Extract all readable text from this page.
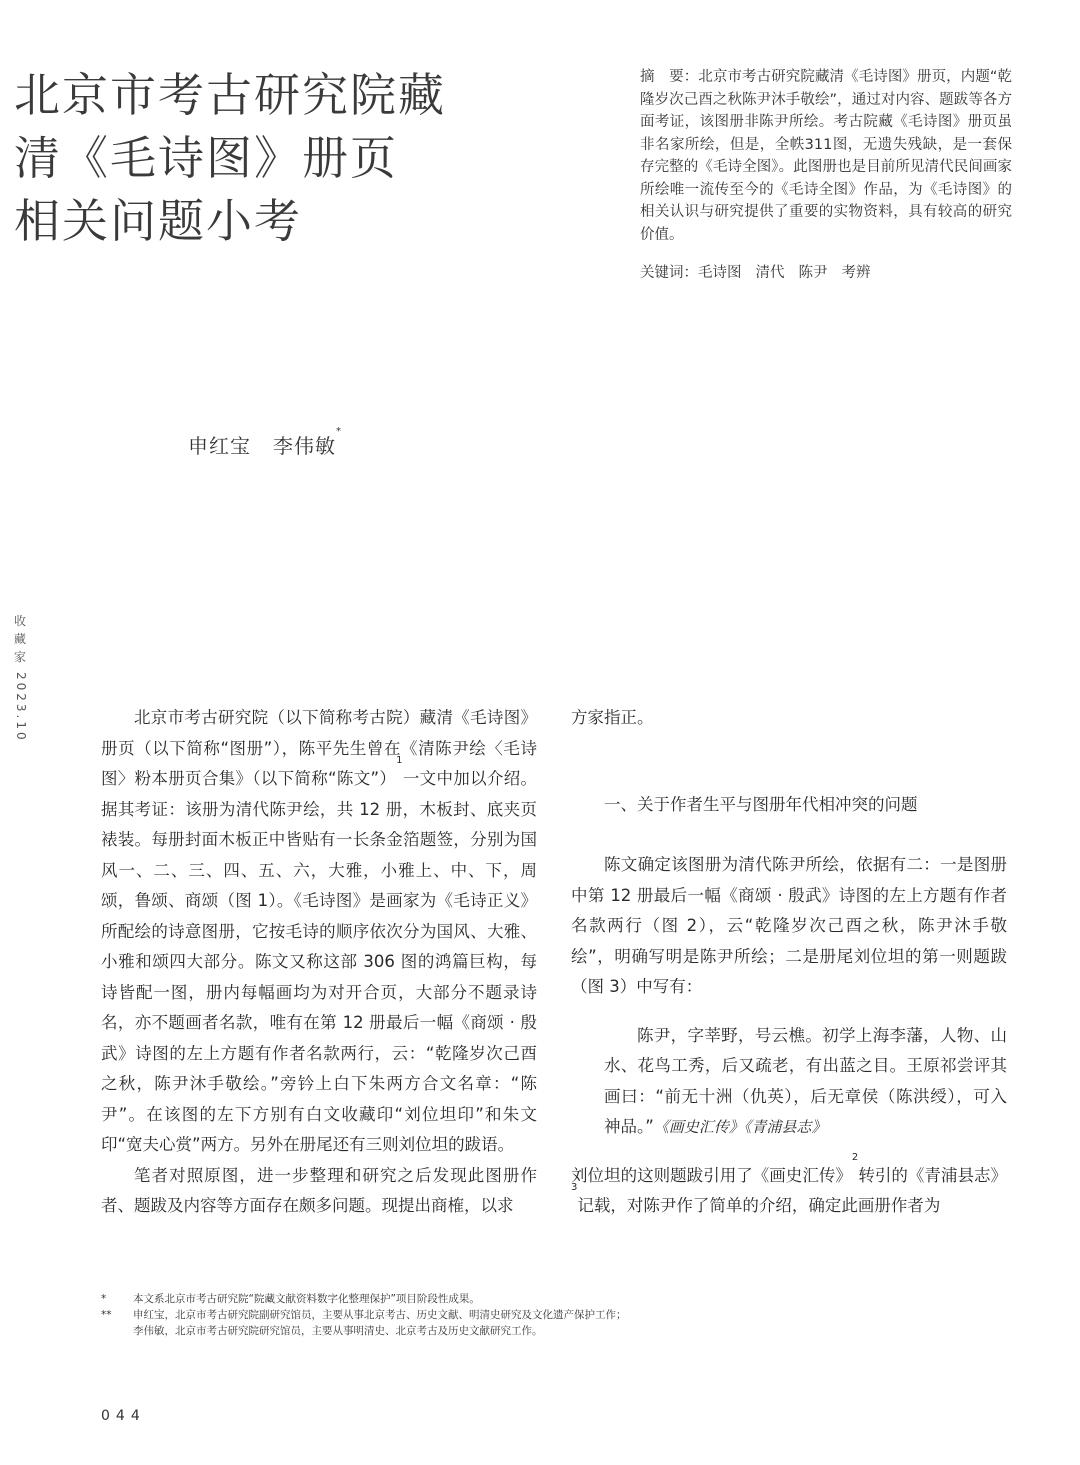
北京市考古研究院藏
清《毛诗图》册页
相关问题小考
摘　要：北京市考古研究院藏清《毛诗图》册页，内题“乾隆岁次己酉之秋陈尹沐手敬绘”，通过对内容、题跋等各方面考证，该图册非陈尹所绘。考古院藏《毛诗图》册页虽非名家所绘，但是，全帙311图，无遗失残缺，是一套保存完整的《毛诗全图》。此图册也是目前所见清代民间画家所绘唯一流传至今的《毛诗全图》作品，为《毛诗图》的相关认识与研究提供了重要的实物资料，具有较高的研究价值。
关键词：毛诗图 清代 陈尹 考辨
申红宝 李伟敏*
收
藏
家
2023.10	北京市考古研究院（以下简称考古院）藏清《毛诗图》册页（以下简称“图册”），陈平先生曾在《清陈尹绘〈毛诗图〉粉本册页合集》（以下简称“陈文”）$^1$一文中加以介绍。据其考证：该册为清代陈尹绘，共 12 册，木板封、底夹页裱装。每册封面木板正中皆贴有一长条金箔题签，分别为国风一、二、三、四、五、六，大雅，小雅上、中、下，周颂，鲁颂、商颂（图 1）。《毛诗图》是画家为《毛诗正义》所配绘的诗意图册，它按毛诗的顺序依次分为国风、大雅、小雅和颂四大部分。陈文又称这部 306 图的鸿篇巨构，每诗皆配一图，册内每幅画均为对开合页，大部分不题录诗名，亦不题画者名款，唯有在第 12 册最后一幅《商颂 · 殷武》诗图的左上方题有作者名款两行，云：“乾隆岁次己酉之秋，陈尹沐手敬绘。”旁钤上白下朱两方合文名章：“陈尹”。在该图的左下方别有白文收藏印“刘位坦印”和朱文印“宽夫心赏”两方。另外在册尾还有三则刘位坦的跋语。

笔者对照原图，进一步整理和研究之后发现此图册作者、题跋及内容等方面存在颇多问题。现提出商榷，以求

方家指正。

一、关于作者生平与图册年代相冲突的问题

陈文确定该图册为清代陈尹所绘，依据有二：一是图册中第 12 册最后一幅《商颂 · 殷武》诗图的左上方题有作者名款两行（图 2），云“乾隆岁次己酉之秋，陈尹沐手敬绘”，明确写明是陈尹所绘；二是册尾刘位坦的第一则题跋（图 3）中写有：

陈尹，字莘野，号云樵。初学上海李藩，人物、山水、花鸟工秀，后又疏老，有出蓝之目。王原祁尝评其画曰：“前无十洲（仇英），后无章侯（陈洪绶），可入神品。”《画史汇传》《青浦县志》

刘位坦的这则题跋引用了《画史汇传》$^2$转引的《青浦县志》$^3$记载，对陈尹作了简单的介绍，确定此画册作者为

*	本文系北京市考古研究院“院藏文献资料数字化整理保护”项目阶段性成果。
**	申红宝，北京市考古研究院副研究馆员，主要从事北京考古、历史文献、明清史研究及文化遗产保护工作；
李伟敏，北京市考古研究院研究馆员，主要从事明清史、北京考古及历史文献研究工作。
044
